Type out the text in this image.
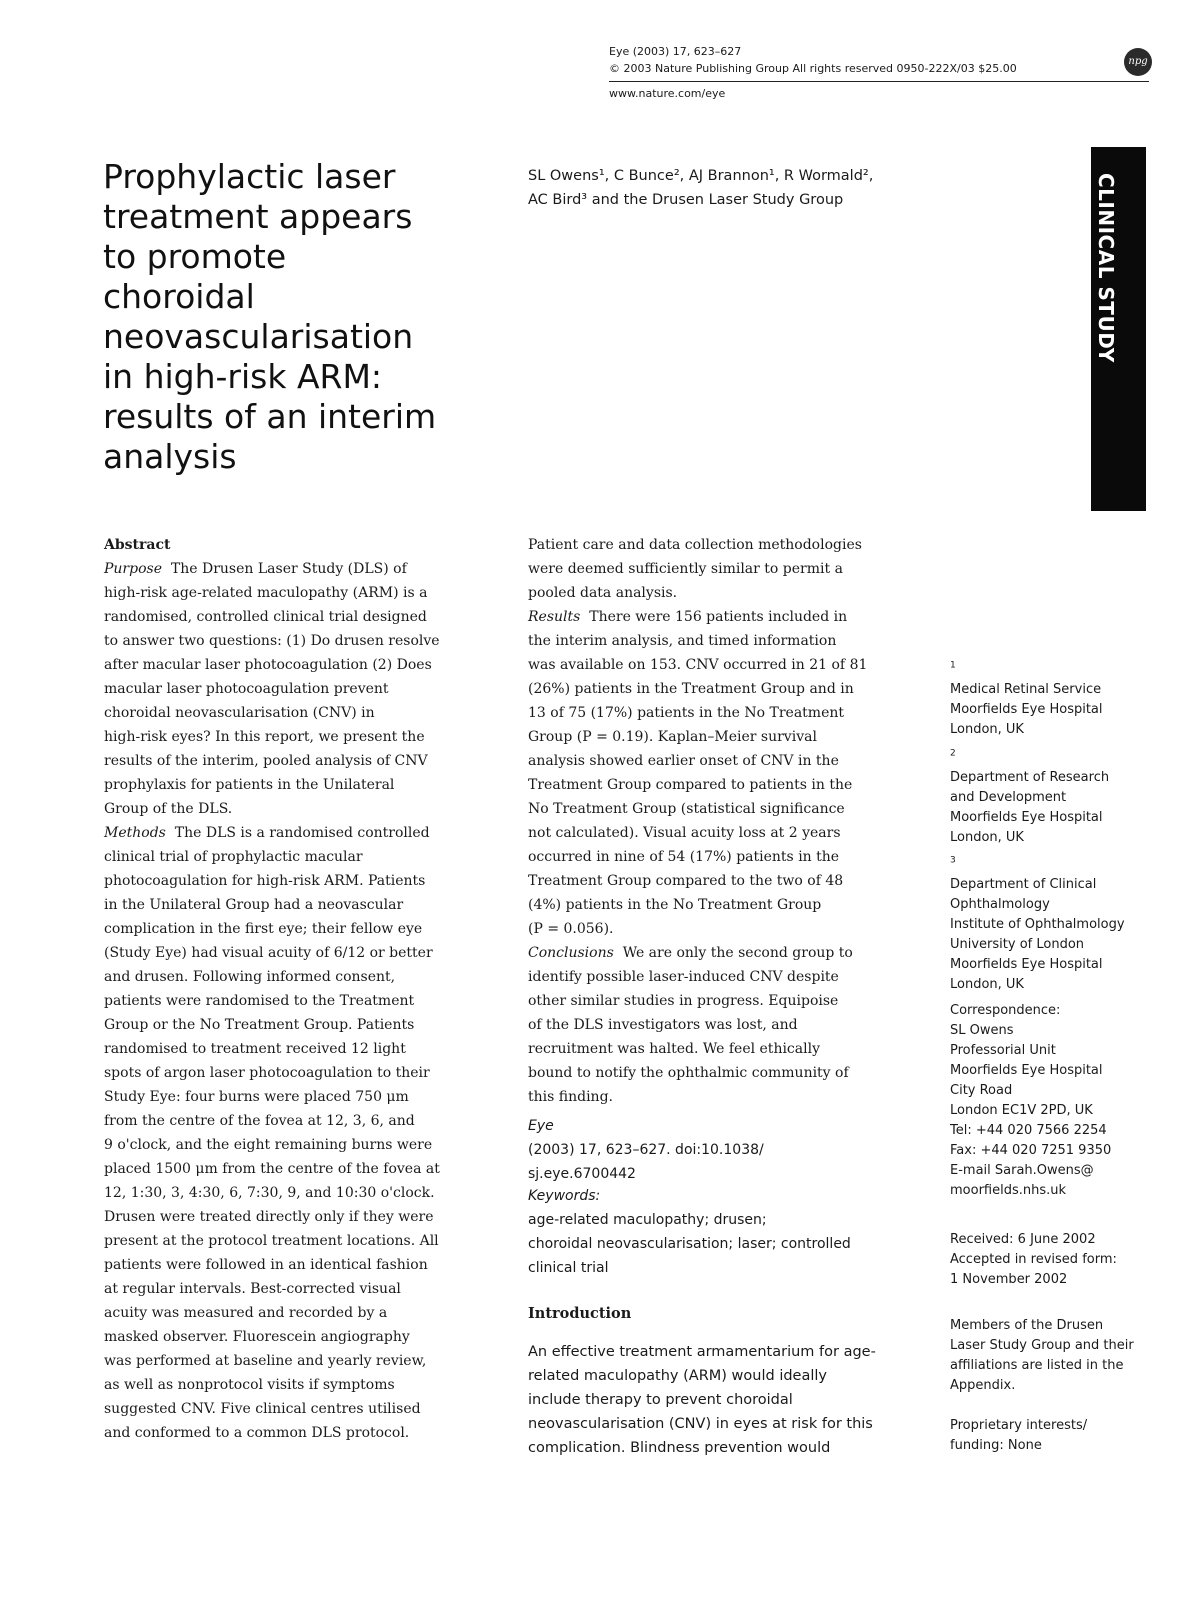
Eye (2003) 17, 623–627
© 2003 Nature Publishing Group All rights reserved 0950-222X/03 $25.00
www.nature.com/eye
npg
Prophylactic laser
treatment appears
to promote
choroidal
neovascularisation
in high-risk ARM:
results of an interim
analysis
SL Owens¹, C Bunce², AJ Brannon¹, R Wormald²,
AC Bird³ and the Drusen Laser Study Group	CLINICAL STUDY
Abstract
Purpose The Drusen Laser Study (DLS) of
high-risk age-related maculopathy (ARM) is a
randomised, controlled clinical trial designed
to answer two questions: (1) Do drusen resolve
after macular laser photocoagulation (2) Does
macular laser photocoagulation prevent
choroidal neovascularisation (CNV) in
high-risk eyes? In this report, we present the
results of the interim, pooled analysis of CNV
prophylaxis for patients in the Unilateral
Group of the DLS.
Methods The DLS is a randomised controlled
clinical trial of prophylactic macular
photocoagulation for high-risk ARM. Patients
in the Unilateral Group had a neovascular
complication in the first eye; their fellow eye
(Study Eye) had visual acuity of 6/12 or better
and drusen. Following informed consent,
patients were randomised to the Treatment
Group or the No Treatment Group. Patients
randomised to treatment received 12 light
spots of argon laser photocoagulation to their
Study Eye: four burns were placed 750 μm
from the centre of the fovea at 12, 3, 6, and
9 o'clock, and the eight remaining burns were
placed 1500 μm from the centre of the fovea at
12, 1:30, 3, 4:30, 6, 7:30, 9, and 10:30 o'clock.
Drusen were treated directly only if they were
present at the protocol treatment locations. All
patients were followed in an identical fashion
at regular intervals. Best-corrected visual
acuity was measured and recorded by a
masked observer. Fluorescein angiography
was performed at baseline and yearly review,
as well as nonprotocol visits if symptoms
suggested CNV. Five clinical centres utilised
and conformed to a common DLS protocol.
Patient care and data collection methodologies
were deemed sufficiently similar to permit a
pooled data analysis.
Results There were 156 patients included in
the interim analysis, and timed information
was available on 153. CNV occurred in 21 of 81
(26%) patients in the Treatment Group and in
13 of 75 (17%) patients in the No Treatment
Group (P = 0.19). Kaplan–Meier survival
analysis showed earlier onset of CNV in the
Treatment Group compared to patients in the
No Treatment Group (statistical significance
not calculated). Visual acuity loss at 2 years
occurred in nine of 54 (17%) patients in the
Treatment Group compared to the two of 48
(4%) patients in the No Treatment Group
(P = 0.056).
Conclusions We are only the second group to
identify possible laser-induced CNV despite
other similar studies in progress. Equipoise
of the DLS investigators was lost, and
recruitment was halted. We feel ethically
bound to notify the ophthalmic community of
this finding.
Eye
(2003) 17, 623–627. doi:10.1038/
sj.eye.6700442
Keywords:
age-related maculopathy; drusen;
choroidal neovascularisation; laser; controlled
clinical trial
Introduction
An effective treatment armamentarium for age-
related maculopathy (ARM) would ideally
include therapy to prevent choroidal
neovascularisation (CNV) in eyes at risk for this
complication. Blindness prevention would
$^1$
Medical Retinal Service
Moorfields Eye Hospital
London, UK
$^2$
Department of Research
and Development
Moorfields Eye Hospital
London, UK
$^3$
Department of Clinical
Ophthalmology
Institute of Ophthalmology
University of London
Moorfields Eye Hospital
London, UK
Correspondence:
SL Owens
Professorial Unit
Moorfields Eye Hospital
City Road
London EC1V 2PD, UK
Tel: +44 020 7566 2254
Fax: +44 020 7251 9350
E-mail Sarah.Owens@
moorfields.nhs.uk
Received: 6 June 2002
Accepted in revised form:
1 November 2002
Members of the Drusen
Laser Study Group and their
affiliations are listed in the
Appendix.
Proprietary interests/
funding: None
